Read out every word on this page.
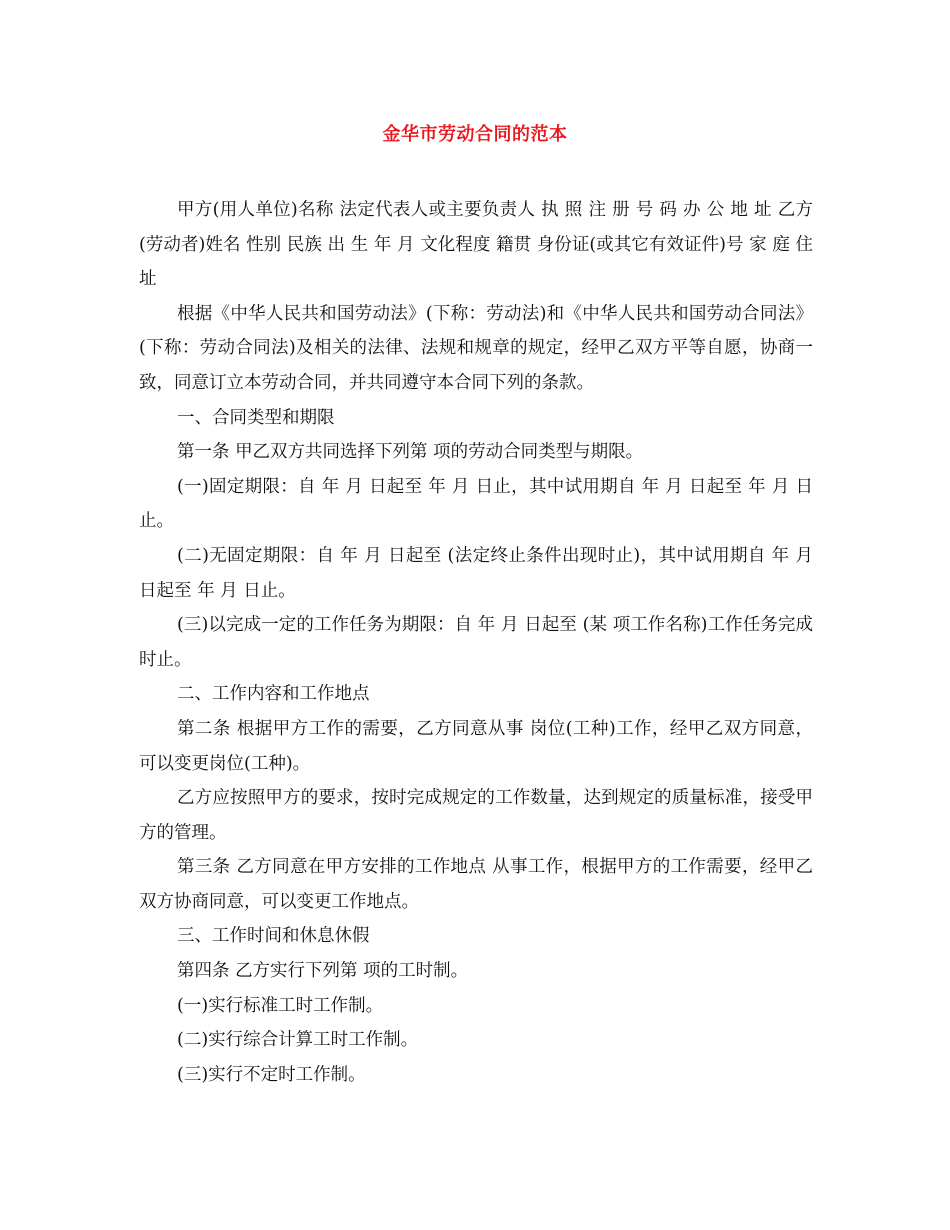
金华市劳动合同的范本

甲方(用人单位)名称 法定代表人或主要负责人 执 照 注 册 号 码 办 公 地 址 乙方(劳动者)姓名 性别 民族 出 生 年 月 文化程度 籍贯 身份证(或其它有效证件)号 家 庭 住 址

根据《中华人民共和国劳动法》(下称：劳动法)和《中华人民共和国劳动合同法》(下称：劳动合同法)及相关的法律、法规和规章的规定，经甲乙双方平等自愿，协商一致，同意订立本劳动合同，并共同遵守本合同下列的条款。

一、合同类型和期限

第一条 甲乙双方共同选择下列第 项的劳动合同类型与期限。

(一)固定期限：自 年 月 日起至 年 月 日止，其中试用期自 年 月 日起至 年 月 日止。

(二)无固定期限：自 年 月 日起至 (法定终止条件出现时止)，其中试用期自 年 月 日起至 年 月 日止。

(三)以完成一定的工作任务为期限：自 年 月 日起至 (某 项工作名称)工作任务完成时止。

二、工作内容和工作地点

第二条 根据甲方工作的需要，乙方同意从事 岗位(工种)工作，经甲乙双方同意，可以变更岗位(工种)。

乙方应按照甲方的要求，按时完成规定的工作数量，达到规定的质量标准，接受甲方的管理。

第三条 乙方同意在甲方安排的工作地点 从事工作，根据甲方的工作需要，经甲乙双方协商同意，可以变更工作地点。

三、工作时间和休息休假

第四条 乙方实行下列第 项的工时制。

(一)实行标准工时工作制。

(二)实行综合计算工时工作制。

(三)实行不定时工作制。
